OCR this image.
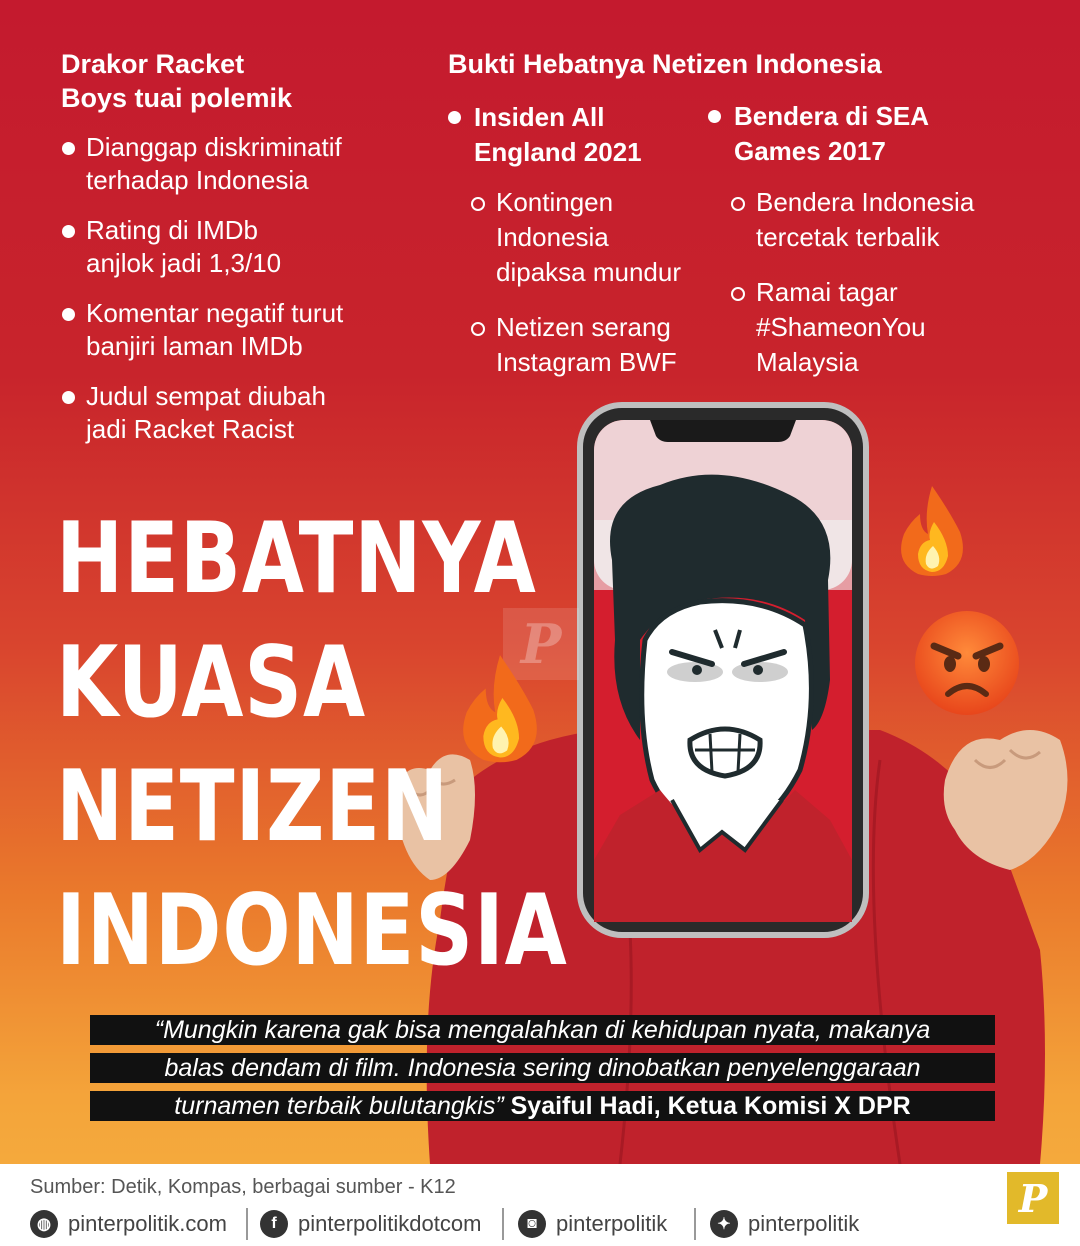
Drakor Racket
Boys tuai polemik
Dianggap diskriminatif
terhadap Indonesia
Rating di IMDb
anjlok jadi 1,3/10
Komentar negatif turut
banjiri laman IMDb
Judul sempat diubah
jadi Racket Racist
Bukti Hebatnya Netizen Indonesia
Insiden All
England 2021
Kontingen
Indonesia
dipaksa mundur
Netizen serang
Instagram BWF
Bendera di SEA
Games 2017
Bendera Indonesia
tercetak terbalik
Ramai tagar
#ShameonYou
Malaysia
P
HEBATNYA
KUASA
NETIZEN
INDONESIA
“Mungkin karena gak bisa mengalahkan di kehidupan nyata, makanya
balas dendam di film. Indonesia sering dinobatkan penyelenggaraan
turnamen terbaik bulutangkis” Syaiful Hadi, Ketua Komisi X DPR
Sumber: Detik, Kompas, berbagai sumber - K12
◍ pinterpolitik.com	f pinterpolitikdotcom	◙ pinterpolitik	✦ pinterpolitik
P
